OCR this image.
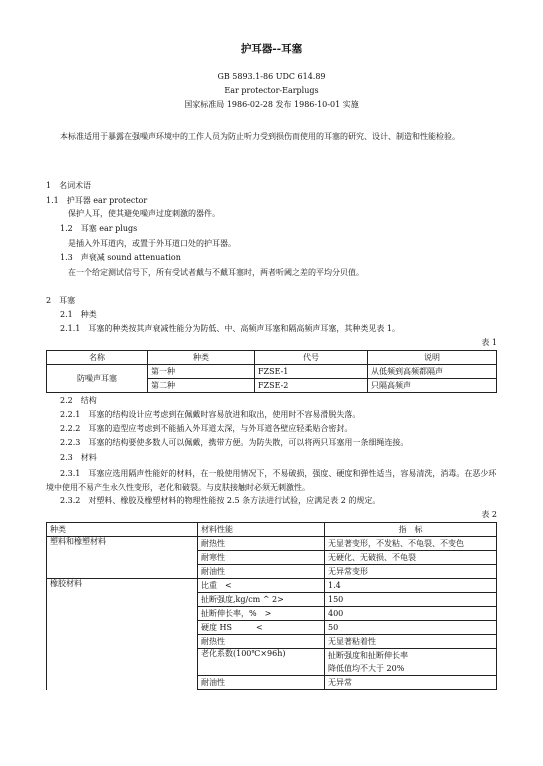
护耳器--耳塞
GB 5893.1-86 UDC 614.89
Ear protector-Earplugs
国家标准局 1986-02-28 发布 1986-10-01 实施
本标准适用于暴露在强噪声环境中的工作人员为防止听力受到损伤而使用的耳塞的研究、设计、制造和性能检验。
1　名词术语
1.1　护耳器 ear protector
保护人耳，使其避免噪声过度刺激的器件。
1.2　耳塞 ear plugs
是插入外耳道内，或置于外耳道口处的护耳器。
1.3　声衰减 sound attenuation
在一个给定测试信号下，所有受试者戴与不戴耳塞时，两者听阈之差的平均分贝值。
2　耳塞
2.1　种类
2.1.1　耳塞的种类按其声衰减性能分为防低、中、高频声耳塞和隔高频声耳塞，其种类见表 1。
表 1
名称	种类	代号	说明
防噪声耳塞	第一种	FZSE-1	从低频到高频都隔声
	第二种	FZSE-2	只隔高频声
2.2　结构
2.2.1　耳塞的结构设计应考虑到在佩戴时容易放进和取出，使用时不容易滑脱失落。
2.2.2　耳塞的造型应考虑到不能插入外耳道太深，与外耳道各壁应轻柔贴合密封。
2.2.3　耳塞的结构要使多数人可以佩戴，携带方便。为防失散，可以将两只耳塞用一条细绳连接。
2.3　材料
2.3.1　耳塞应选用隔声性能好的材料，在一般使用情况下，不易破损，强度、硬度和弹性适当，容易清洗，消毒。在恶少环境中使用不易产生永久性变形，老化和破裂。与皮肤接触时必须无刺激性。
2.3.2　对塑料、橡胶及橡塑材料的物理性能按 2.5 条方法进行试验，应满足表 2 的规定。
表 2
种类	材料性能	指　标
塑料和橡塑材料	耐热性	无显著变形，不发粘、不龟裂、不变色
	耐寒性	无硬化、无破损、不龟裂
	耐油性	无异常变形
橡胶材料	比重　<	1.4
	扯断强度,kg/cm ^ 2>	150
	扯断伸长率，%　>	400
	硬度 HS　　　<	50
	耐热性	无显著粘着性
	老化系数(100℃×96h)	扯断强度和扯断伸长率
		降低值均不大于 20%
	耐油性	无异常
